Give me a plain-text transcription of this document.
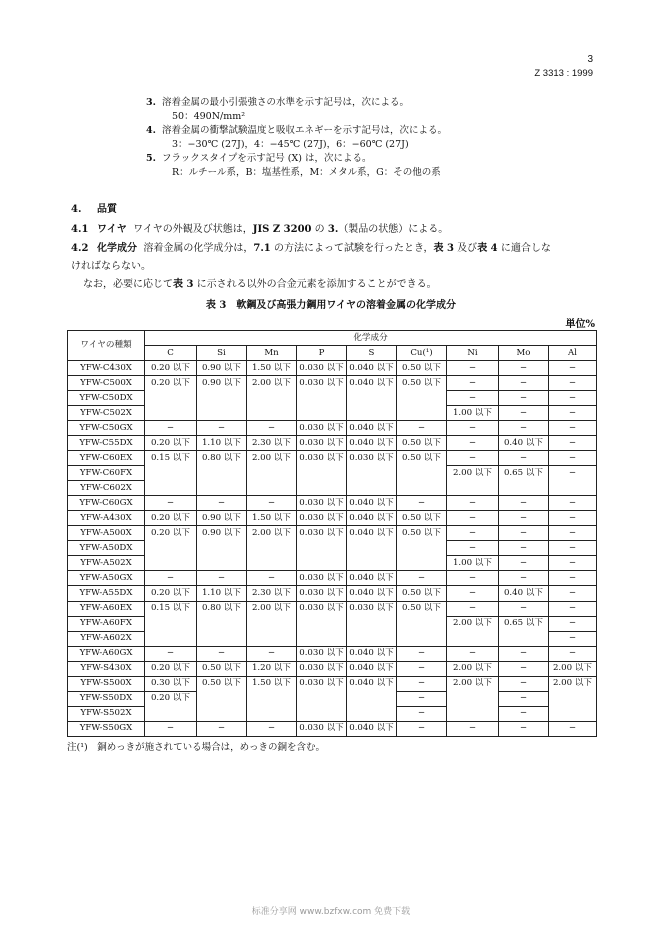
3
Z 3313 : 1999
3. 溶着金属の最小引張強さの水準を示す記号は，次による。
50：490N/mm²
4. 溶着金属の衝撃試験温度と吸収エネギーを示す記号は，次による。
3：−30℃ (27J)，4：−45℃ (27J)，6：−60℃ (27J)
5. フラックスタイプを示す記号 (X) は，次による。
R：ルチール系，B：塩基性系，M：メタル系，G：その他の系
4. 品質
4.1 ワイヤ ワイヤの外観及び状態は，JIS Z 3200 の 3.（製品の状態）による。
4.2 化学成分 溶着金属の化学成分は，7.1 の方法によって試験を行ったとき，表 3 及び表 4 に適合しな
ければならない。
なお，必要に応じて表 3 に示される以外の合金元素を添加することができる。
表 3　軟鋼及び高張力鋼用ワイヤの溶着金属の化学成分
単位%
ワイヤの種類	化学成分								
	C	Si	Mn	P	S	Cu(¹)	Ni	Mo	Al
YFW-C430X	0.20 以下	0.90 以下	1.50 以下	0.030 以下	0.040 以下	0.50 以下	−	−	−
YFW-C500X	0.20 以下	0.90 以下	2.00 以下	0.030 以下	0.040 以下	0.50 以下	−	−	−
YFW-C50DX							−	−	−
YFW-C502X							1.00 以下	−	−
YFW-C50GX	−	−	−	0.030 以下	0.040 以下	−	−	−	−
YFW-C55DX	0.20 以下	1.10 以下	2.30 以下	0.030 以下	0.040 以下	0.50 以下	−	0.40 以下	−
YFW-C60EX	0.15 以下	0.80 以下	2.00 以下	0.030 以下	0.030 以下	0.50 以下	−	−	−
YFW-C60FX							2.00 以下	0.65 以下	−
YFW-C602X									
YFW-C60GX	−	−	−	0.030 以下	0.040 以下	−	−	−	−
YFW-A430X	0.20 以下	0.90 以下	1.50 以下	0.030 以下	0.040 以下	0.50 以下	−	−	−
YFW-A500X	0.20 以下	0.90 以下	2.00 以下	0.030 以下	0.040 以下	0.50 以下	−	−	−
YFW-A50DX							−	−	−
YFW-A502X							1.00 以下	−	−
YFW-A50GX	−	−	−	0.030 以下	0.040 以下	−	−	−	−
YFW-A55DX	0.20 以下	1.10 以下	2.30 以下	0.030 以下	0.040 以下	0.50 以下	−	0.40 以下	−
YFW-A60EX	0.15 以下	0.80 以下	2.00 以下	0.030 以下	0.030 以下	0.50 以下	−	−	−
YFW-A60FX							2.00 以下	0.65 以下	−
YFW-A602X									−
YFW-A60GX	−	−	−	0.030 以下	0.040 以下	−	−	−	−
YFW-S430X	0.20 以下	0.50 以下	1.20 以下	0.030 以下	0.040 以下	−	2.00 以下	−	2.00 以下
YFW-S500X	0.30 以下	0.50 以下	1.50 以下	0.030 以下	0.040 以下	−	2.00 以下	−	2.00 以下
YFW-S50DX	0.20 以下					−		−	
YFW-S502X						−		−	
YFW-S50GX	−	−	−	0.030 以下	0.040 以下	−	−	−	−
注(¹)　銅めっきが施されている場合は，めっきの銅を含む。
标准分享网 www.bzfxw.com 免费下载
